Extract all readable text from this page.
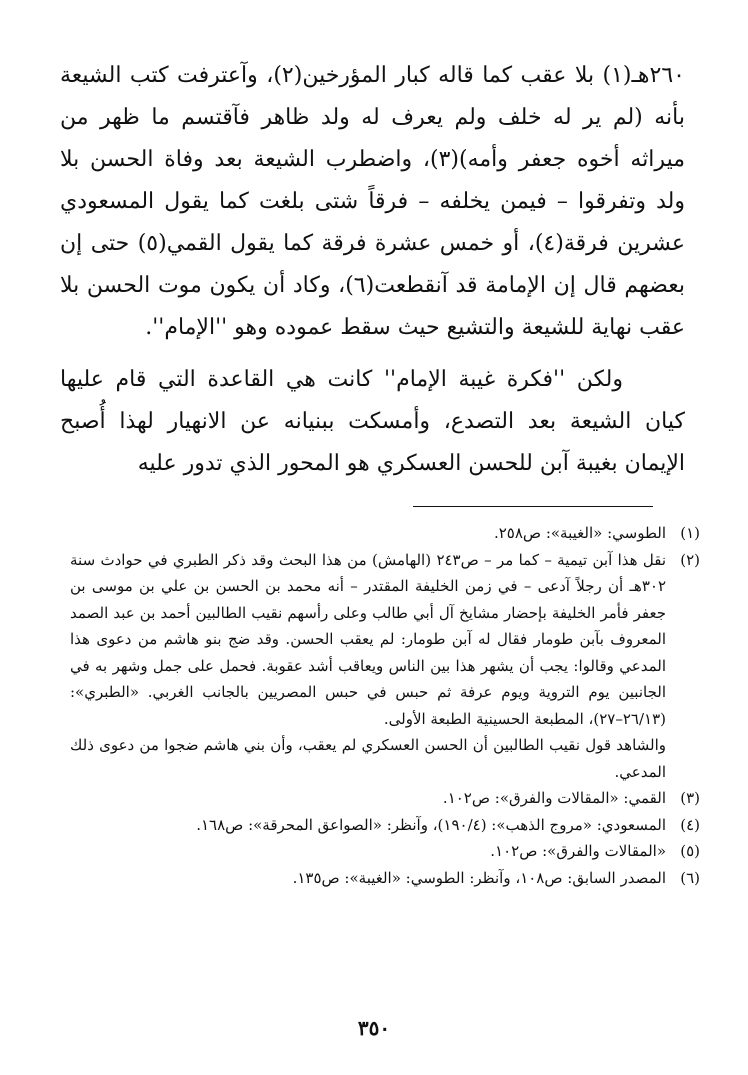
٢٦٠هـ(١) بلا عقب كما قاله كبار المؤرخين(٢)، وآعترفت كتب الشيعة بأنه (لم ير له خلف ولم يعرف له ولد ظاهر فآقتسم ما ظهر من ميراثه أخوه جعفر وأمه)(٣)، واضطرب الشيعة بعد وفاة الحسن بلا ولد وتفرقوا – فيمن يخلفه – فرقاً شتى بلغت كما يقول المسعودي عشرين فرقة(٤)، أو خمس عشرة فرقة كما يقول القمي(٥) حتى إن بعضهم قال إن الإمامة قد آنقطعت(٦)، وكاد أن يكون موت الحسن بلا عقب نهاية للشيعة والتشيع حيث سقط عموده وهو ''الإمام''.

ولكن ''فكرة غيبة الإمام'' كانت هي القاعدة التي قام عليها كيان الشيعة بعد التصدع، وأمسكت ببنيانه عن الانهيار لهذا أُصبح الإيمان بغيبة آبن للحسن العسكري هو المحور الذي تدور عليه

(١)
الطوسي: «الغيبة»: ص٢٥٨.
(٢)
نقل هذا آبن تيمية – كما مر – ص٢٤٣ (الهامش) من هذا البحث وقد ذكر الطبري في حوادث سنة ٣٠٢هـ أن رجلاً آدعى – في زمن الخليفة المقتدر – أنه محمد بن الحسن بن علي بن موسى بن جعفر فأمر الخليفة بإحضار مشايخ آل أبي طالب وعلى رأسهم نقيب الطالبين أحمد بن عبد الصمد المعروف بآبن طومار فقال له آبن طومار: لم يعقب الحسن. وقد ضج بنو هاشم من دعوى هذا المدعي وقالوا: يجب أن يشهر هذا بين الناس ويعاقب أشد عقوبة. فحمل على جمل وشهر به في الجانبين يوم التروية ويوم عرفة ثم حبس في حبس المصريين بالجانب الغربي. «الطبري»: (٢٦/١٣–٢٧)، المطبعة الحسينية الطبعة الأولى.
والشاهد قول نقيب الطالبين أن الحسن العسكري لم يعقب، وأن بني هاشم ضجوا من دعوى ذلك المدعي.
(٣)
القمي: «المقالات والفرق»: ص١٠٢.
(٤)
المسعودي: «مروج الذهب»: (١٩٠/٤)، وآنظر: «الصواعق المحرقة»: ص١٦٨.
(٥)
«المقالات والفرق»: ص١٠٢.
(٦)
المصدر السابق: ص١٠٨، وآنظر: الطوسي: «الغيبة»: ص١٣٥.
٣٥٠
